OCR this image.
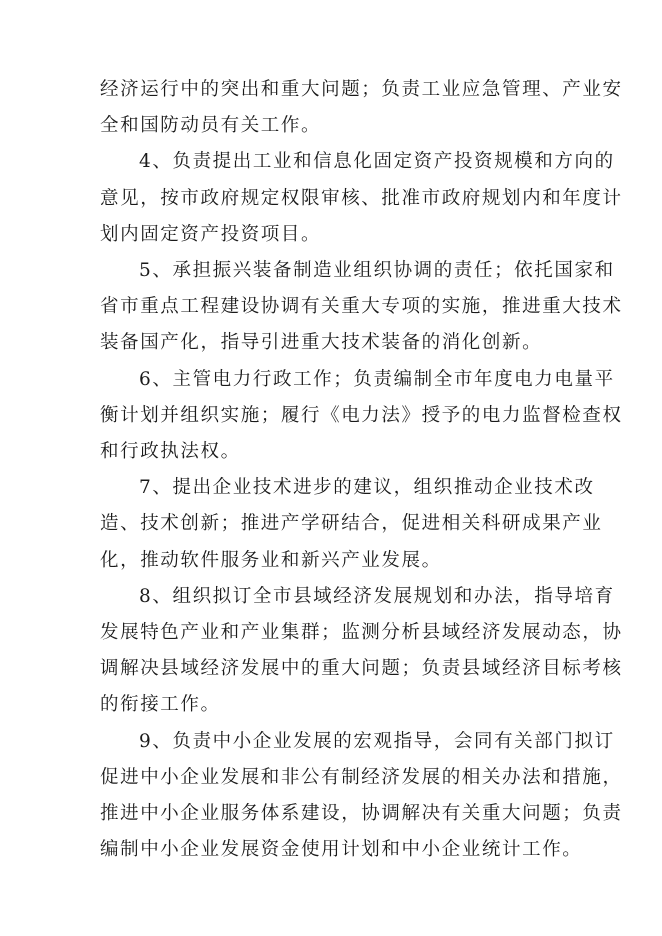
经济运行中的突出和重大问题；负责工业应急管理、产业安
全和国防动员有关工作。

4、负责提出工业和信息化固定资产投资规模和方向的
意见，按市政府规定权限审核、批准市政府规划内和年度计
划内固定资产投资项目。

5、承担振兴装备制造业组织协调的责任；依托国家和
省市重点工程建设协调有关重大专项的实施，推进重大技术
装备国产化，指导引进重大技术装备的消化创新。

6、主管电力行政工作；负责编制全市年度电力电量平
衡计划并组织实施；履行《电力法》授予的电力监督检查权
和行政执法权。

7、提出企业技术进步的建议，组织推动企业技术改
造、技术创新；推进产学研结合，促进相关科研成果产业
化，推动软件服务业和新兴产业发展。

8、组织拟订全市县域经济发展规划和办法，指导培育
发展特色产业和产业集群；监测分析县域经济发展动态，协
调解决县域经济发展中的重大问题；负责县域经济目标考核
的衔接工作。

9、负责中小企业发展的宏观指导，会同有关部门拟订
促进中小企业发展和非公有制经济发展的相关办法和措施，
推进中小企业服务体系建设，协调解决有关重大问题；负责
编制中小企业发展资金使用计划和中小企业统计工作。
